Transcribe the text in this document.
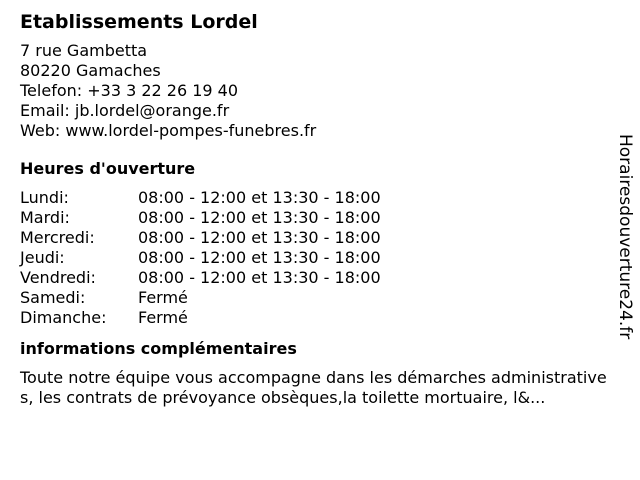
Etablissements Lordel
7 rue Gambetta
80220 Gamaches
Telefon: +33 3 22 26 19 40
Email: jb.lordel@orange.fr
Web: www.lordel-pompes-funebres.fr
Heures d'ouverture
Lundi:	08:00 - 12:00 et 13:30 - 18:00
Mardi:	08:00 - 12:00 et 13:30 - 18:00
Mercredi:	08:00 - 12:00 et 13:30 - 18:00
Jeudi:	08:00 - 12:00 et 13:30 - 18:00
Vendredi:	08:00 - 12:00 et 13:30 - 18:00
Samedi:	Fermé
Dimanche:	Fermé
informations complémentaires
Toute notre équipe vous accompagne dans les démarches administratives, les contrats de prévoyance obsèques,la toilette mortuaire, l&...
Horairesdouverture24.fr
